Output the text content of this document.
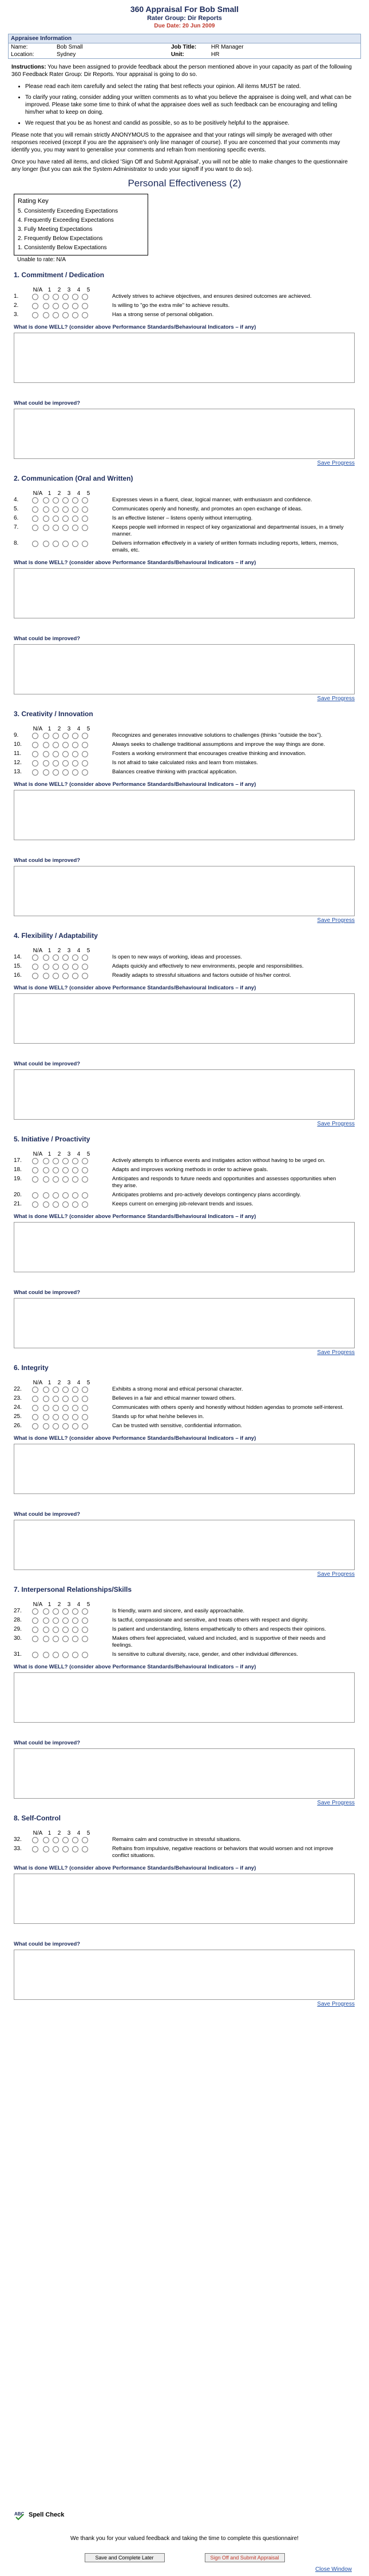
360 Appraisal For Bob Small
Rater Group: Dir Reports
Due Date: 20 Jun 2009
Appraisee Information
Name:	Bob Small	Job Title:	HR Manager
Location:	Sydney	Unit:	HR

Instructions: You have been assigned to provide feedback about the person mentioned above in your capacity as part of the following 360 Feedback Rater Group: Dir Reports. Your appraisal is going to do so.

• Please read each item carefully and select the rating that best reflects your opinion. All items MUST be rated.
• To clarify your rating, consider adding your written comments as to what you believe the appraisee is doing well, and what can be improved. Please take some time to think of what the appraisee does well as such feedback can be encouraging and telling him/her what to keep on doing.
• We request that you be as honest and candid as possible, so as to be positively helpful to the appraisee.

Please note that you will remain strictly ANONYMOUS to the appraisee and that your ratings will simply be averaged with other responses received (except if you are the appraisee's only line manager of course). If you are concerned that your comments may identify you, you may want to generalise your comments and refrain from mentioning specific events.

Once you have rated all items, and clicked 'Sign Off and Submit Appraisal', you will not be able to make changes to the questionnaire any longer (but you can ask the System Administrator to undo your signoff if you want to do so).

Personal Effectiveness (2)
Rating Key
5. Consistently Exceeding Expectations
4. Frequently Exceeding Expectations
3. Fully Meeting Expectations
2. Frequently Below Expectations
1. Consistently Below Expectations
Unable to rate: N/A
1. Commitment / Dedication
N/A 1	2	3	4	5
1.	Actively strives to achieve objectives, and ensures desired outcomes are achieved.
2.	Is willing to "go the extra mile" to achieve results.
3.	Has a strong sense of personal obligation.
What is done WELL? (consider above Performance Standards/Behavioural Indicators – if any)
What could be improved?
Save Progress
2. Communication (Oral and Written)
N/A 1	2	3	4	5
4.	Expresses views in a fluent, clear, logical manner, with enthusiasm and confidence.
5.	Communicates openly and honestly, and promotes an open exchange of ideas.
6.	Is an effective listener – listens openly without interrupting.
7.	Keeps people well informed in respect of key organizational and departmental issues, in a timely manner.
8.	Delivers information effectively in a variety of written formats including reports, letters, memos, emails, etc.
What is done WELL? (consider above Performance Standards/Behavioural Indicators – if any)
What could be improved?
Save Progress
3. Creativity / Innovation
N/A 1	2	3	4	5
9.	Recognizes and generates innovative solutions to challenges (thinks "outside the box").
10.	Always seeks to challenge traditional assumptions and improve the way things are done.
11.	Fosters a working environment that encourages creative thinking and innovation.
12.	Is not afraid to take calculated risks and learn from mistakes.
13.	Balances creative thinking with practical application.
What is done WELL? (consider above Performance Standards/Behavioural Indicators – if any)
What could be improved?
Save Progress
4. Flexibility / Adaptability
N/A 1	2	3	4	5
14.	Is open to new ways of working, ideas and processes.
15.	Adapts quickly and effectively to new environments, people and responsibilities.
16.	Readily adapts to stressful situations and factors outside of his/her control.
What is done WELL? (consider above Performance Standards/Behavioural Indicators – if any)
What could be improved?
Save Progress
5. Initiative / Proactivity
N/A 1	2	3	4	5
17.	Actively attempts to influence events and instigates action without having to be urged on.
18.	Adapts and improves working methods in order to achieve goals.
19.	Anticipates and responds to future needs and opportunities and assesses opportunities when they arise.
20.	Anticipates problems and pro-actively develops contingency plans accordingly.
21.	Keeps current on emerging job-relevant trends and issues.
What is done WELL? (consider above Performance Standards/Behavioural Indicators – if any)
What could be improved?
Save Progress
6. Integrity
N/A 1	2	3	4	5
22.	Exhibits a strong moral and ethical personal character.
23.	Believes in a fair and ethical manner toward others.
24.	Communicates with others openly and honestly without hidden agendas to promote self-interest.
25.	Stands up for what he/she believes in.
26.	Can be trusted with sensitive, confidential information.
What is done WELL? (consider above Performance Standards/Behavioural Indicators – if any)
What could be improved?
Save Progress
7. Interpersonal Relationships/Skills
N/A 1	2	3	4	5
27.	Is friendly, warm and sincere, and easily approachable.
28.	Is tactful, compassionate and sensitive, and treats others with respect and dignity.
29.	Is patient and understanding, listens empathetically to others and respects their opinions.
30.	Makes others feel appreciated, valued and included, and is supportive of their needs and feelings.
31.	Is sensitive to cultural diversity, race, gender, and other individual differences.
What is done WELL? (consider above Performance Standards/Behavioural Indicators – if any)
What could be improved?
Save Progress
8. Self-Control
N/A 1	2	3	4	5
32.	Remains calm and constructive in stressful situations.
33.	Refrains from impulsive, negative reactions or behaviors that would worsen and not improve conflict situations.
What is done WELL? (consider above Performance Standards/Behavioural Indicators – if any)
What could be improved?
Save Progress
ABC Spell Check
We thank you for your valued feedback and taking the time to complete this questionnaire!
Save and Complete Later	Sign Off and Submit Appraisal
Close Window
